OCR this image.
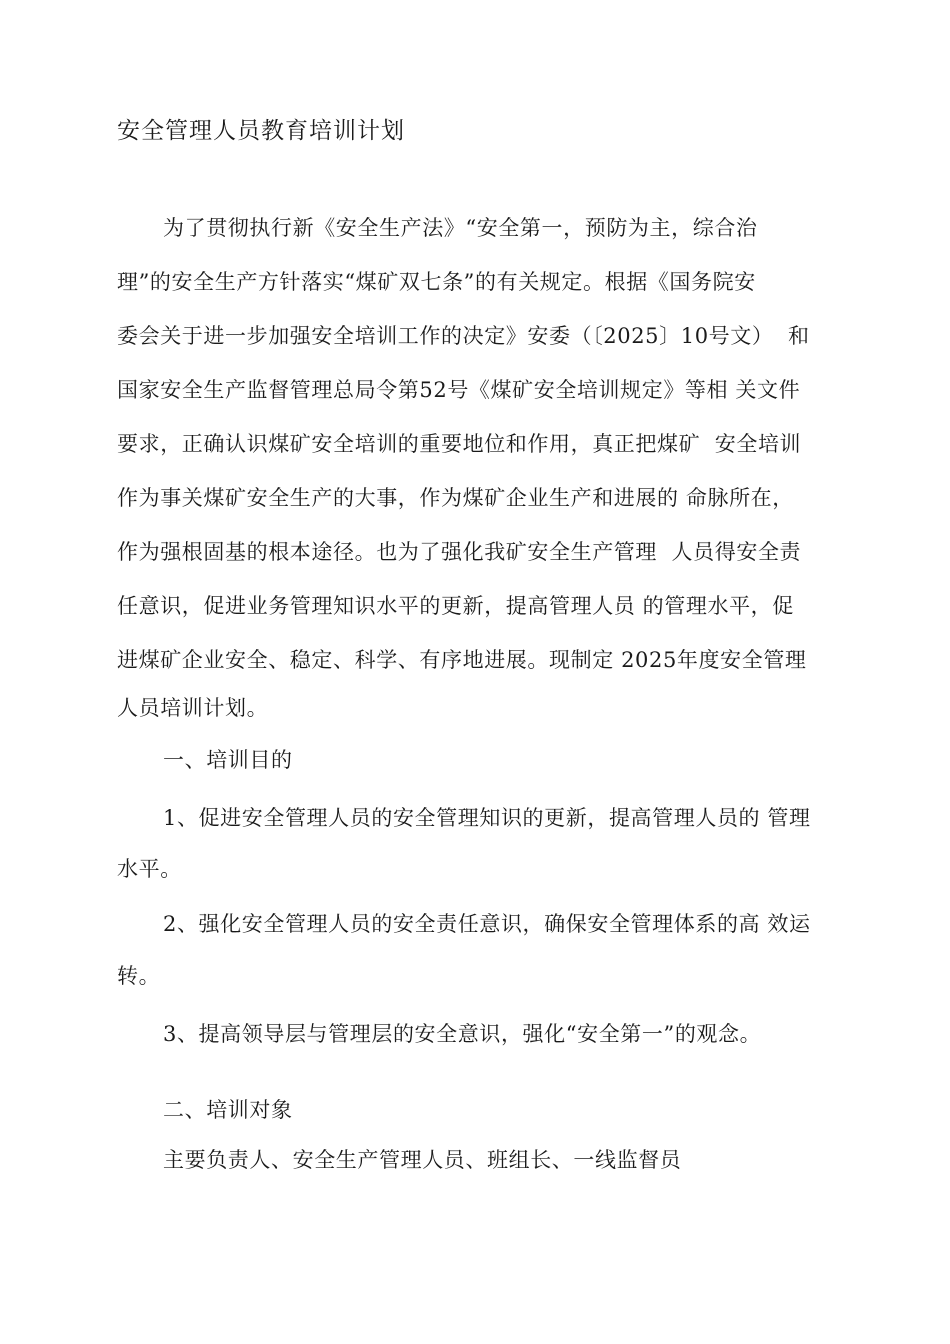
安全管理人员教育培训计划
为了贯彻执行新《安全生产法》“安全第一，预防为主，综合治
理”的安全生产方针落实“煤矿双七条”的有关规定。根据《国务院安
委会关于进一步加强安全培训工作的决定》安委（〔2025〕10号文）  和
国家安全生产监督管理总局令第52号《煤矿安全培训规定》等相 关文件
要求，正确认识煤矿安全培训的重要地位和作用，真正把煤矿  安全培训
作为事关煤矿安全生产的大事，作为煤矿企业生产和进展的 命脉所在，
作为强根固基的根本途径。也为了强化我矿安全生产管理  人员得安全责
任意识，促进业务管理知识水平的更新，提高管理人员 的管理水平，促
进煤矿企业安全、稳定、科学、有序地进展。现制定 2025年度安全管理
人员培训计划。
一、培训目的
1、促进安全管理人员的安全管理知识的更新，提高管理人员的 管理
水平。
2、强化安全管理人员的安全责任意识，确保安全管理体系的高 效运
转。
3、提高领导层与管理层的安全意识，强化“安全第一”的观念。
二、培训对象
主要负责人、安全生产管理人员、班组长、一线监督员
